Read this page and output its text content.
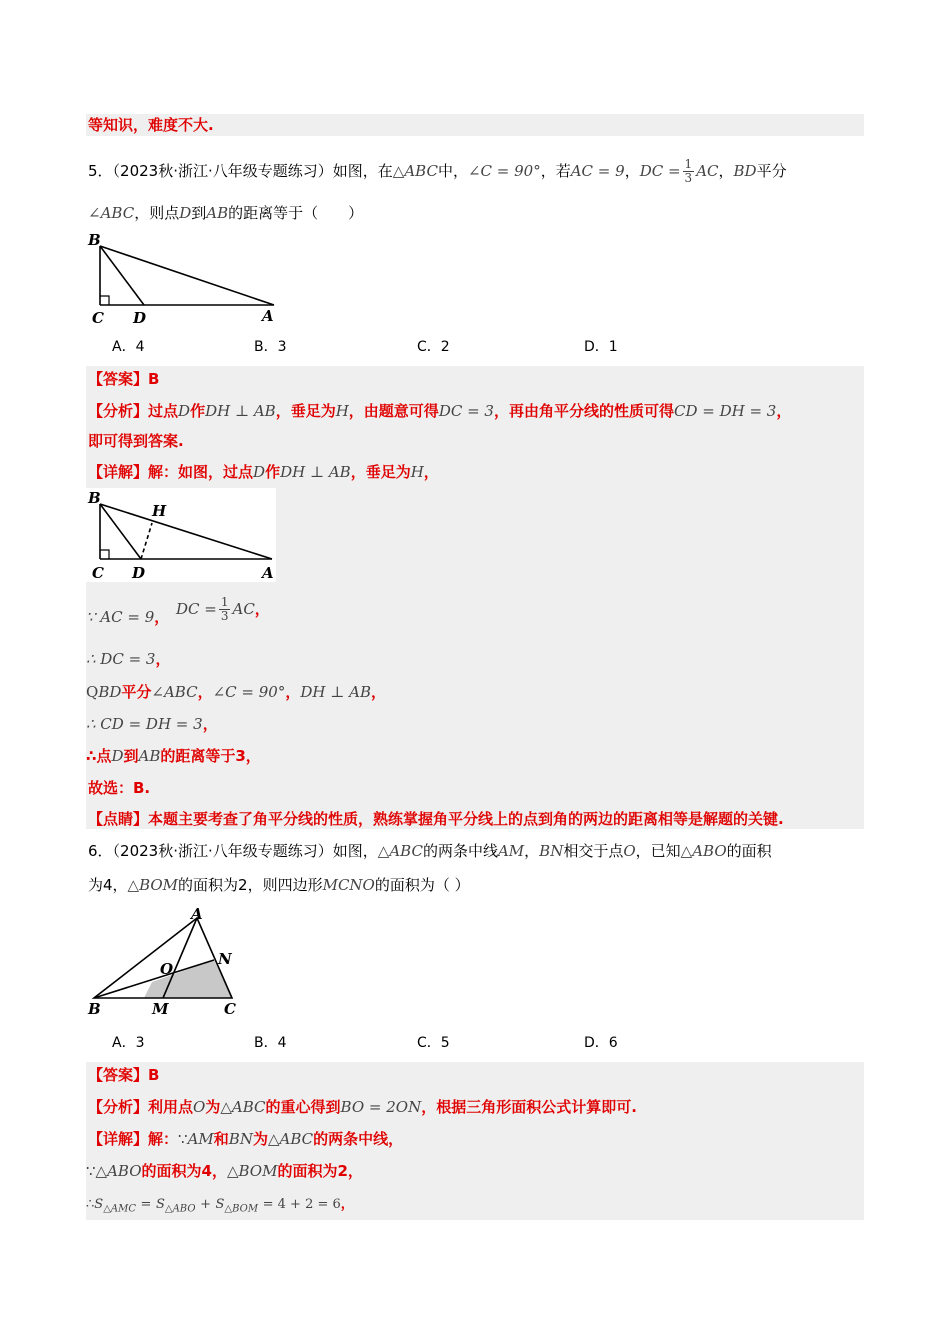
等知识，难度不大.
5．（2023秋·浙江·八年级专题练习）如图，在△ABC中，∠C = 90°，若AC = 9，DC = $\frac{1}{3}$ AC，BD平分
∠ABC，则点D到AB的距离等于（　　）
B
C D	A
A．4	B．3	C．2	D．1
【答案】B
【分析】过点D作DH ⊥ AB，垂足为H，由题意可得DC = 3，再由角平分线的性质可得CD = DH = 3，
即可得到答案.
【详解】解：如图，过点D作DH ⊥ AB，垂足为H，
B
H
C D	A
∵ AC = 9， DC = $\frac{1}{3}$ AC，
∴ DC = 3，
QBD平分∠ABC，∠C = 90°，DH ⊥ AB，
∴ CD = DH = 3，
∴点D到AB的距离等于3，
故选：B.
【点睛】本题主要考查了角平分线的性质，熟练掌握角平分线上的点到角的两边的距离相等是解题的关键.
6．（2023秋·浙江·八年级专题练习）如图，△ABC的两条中线AM，BN相交于点O，已知△ABO的面积
为4，△BOM的面积为2，则四边形MCNO的面积为（ ）
A
O
N
B	M	C
A．3	B．4	C．5	D．6
【答案】B
【分析】利用点O为△ABC的重心得到BO = 2ON，根据三角形面积公式计算即可.
【详解】解：∵AM和BN为△ABC的两条中线，
∵△ABO的面积为4，△BOM的面积为2，
$\therefore S_{\triangle AMC} = S_{\triangle ABO} + S_{\triangle BOM} = 4 + 2 = 6$，
